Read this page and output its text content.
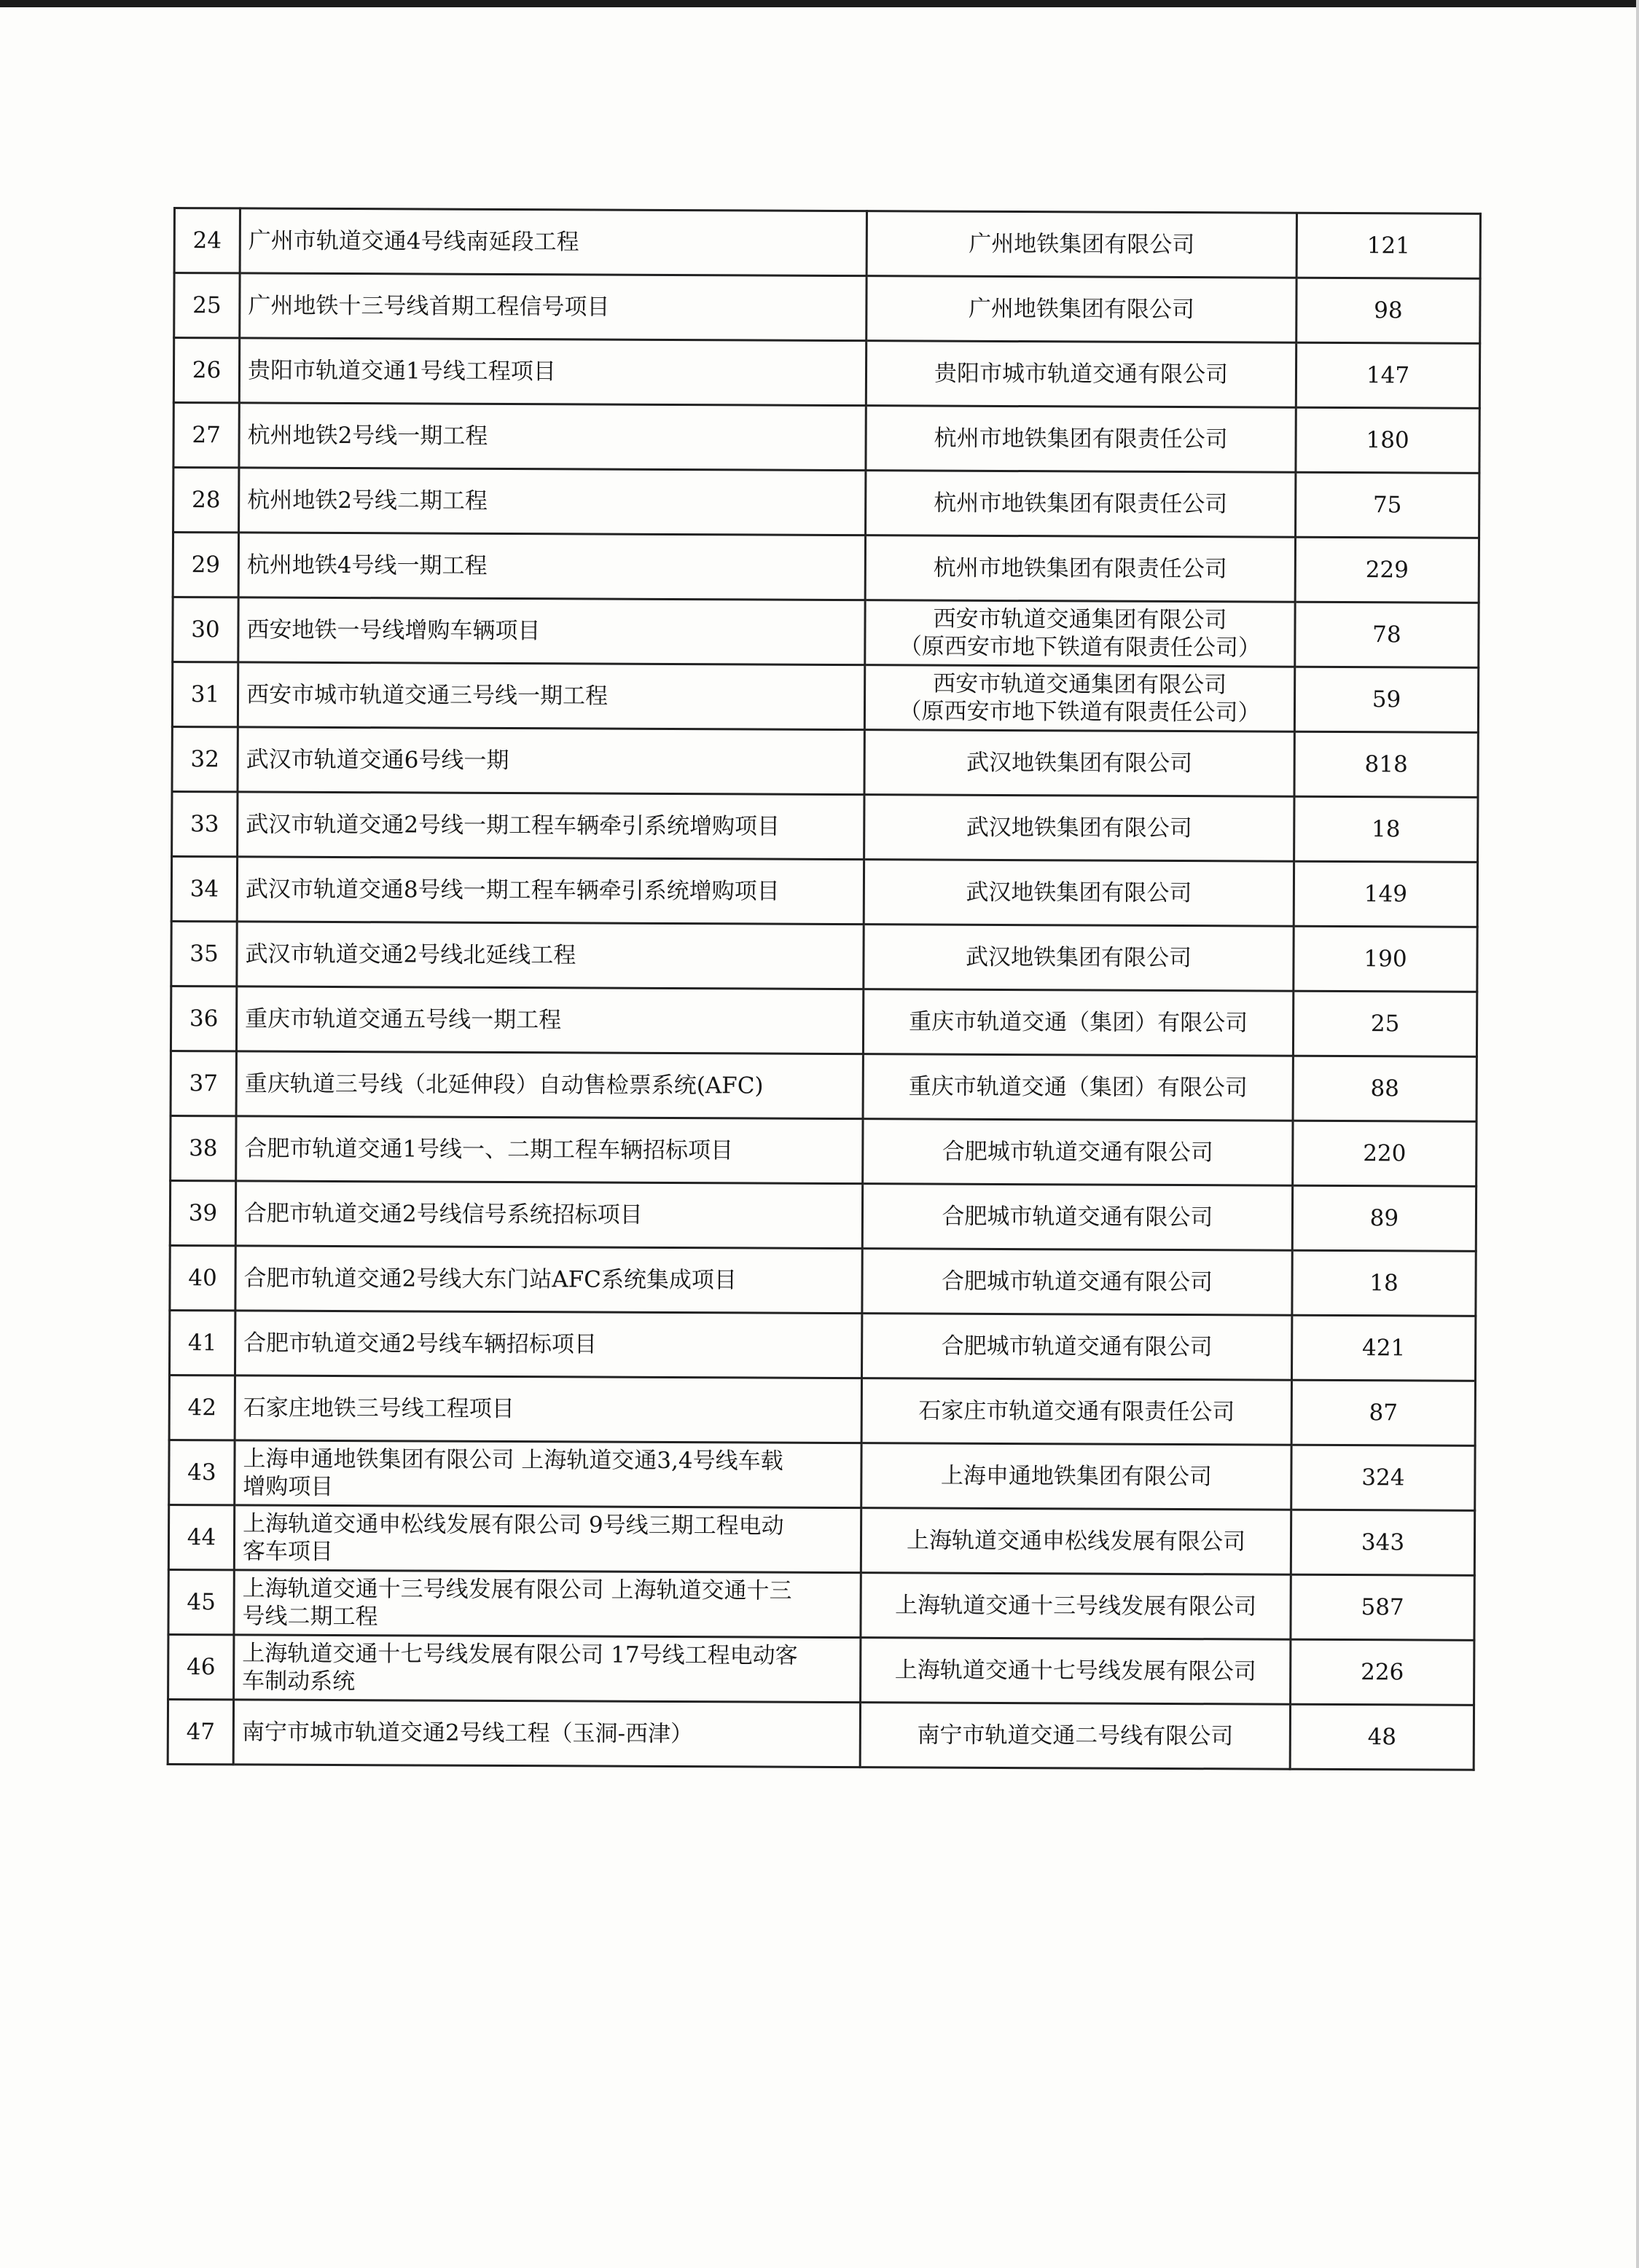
24	广州市轨道交通4号线南延段工程	广州地铁集团有限公司	121
25	广州地铁十三号线首期工程信号项目	广州地铁集团有限公司	98
26	贵阳市轨道交通1号线工程项目	贵阳市城市轨道交通有限公司	147
27	杭州地铁2号线一期工程	杭州市地铁集团有限责任公司	180
28	杭州地铁2号线二期工程	杭州市地铁集团有限责任公司	75
29	杭州地铁4号线一期工程	杭州市地铁集团有限责任公司	229
30	西安地铁一号线增购车辆项目	西安市轨道交通集团有限公司
（原西安市地下铁道有限责任公司）	78
31	西安市城市轨道交通三号线一期工程	西安市轨道交通集团有限公司
（原西安市地下铁道有限责任公司）	59
32	武汉市轨道交通6号线一期	武汉地铁集团有限公司	818
33	武汉市轨道交通2号线一期工程车辆牵引系统增购项目	武汉地铁集团有限公司	18
34	武汉市轨道交通8号线一期工程车辆牵引系统增购项目	武汉地铁集团有限公司	149
35	武汉市轨道交通2号线北延线工程	武汉地铁集团有限公司	190
36	重庆市轨道交通五号线一期工程	重庆市轨道交通（集团）有限公司	25
37	重庆轨道三号线（北延伸段）自动售检票系统(AFC)	重庆市轨道交通（集团）有限公司	88
38	合肥市轨道交通1号线一、二期工程车辆招标项目	合肥城市轨道交通有限公司	220
39	合肥市轨道交通2号线信号系统招标项目	合肥城市轨道交通有限公司	89
40	合肥市轨道交通2号线大东门站AFC系统集成项目	合肥城市轨道交通有限公司	18
41	合肥市轨道交通2号线车辆招标项目	合肥城市轨道交通有限公司	421
42	石家庄地铁三号线工程项目	石家庄市轨道交通有限责任公司	87
43	上海申通地铁集团有限公司 上海轨道交通3,4号线车载
增购项目	上海申通地铁集团有限公司	324
44	上海轨道交通申松线发展有限公司 9号线三期工程电动
客车项目	上海轨道交通申松线发展有限公司	343
45	上海轨道交通十三号线发展有限公司 上海轨道交通十三
号线二期工程	上海轨道交通十三号线发展有限公司	587
46	上海轨道交通十七号线发展有限公司 17号线工程电动客
车制动系统	上海轨道交通十七号线发展有限公司	226
47	南宁市城市轨道交通2号线工程（玉洞-西津）	南宁市轨道交通二号线有限公司	48
